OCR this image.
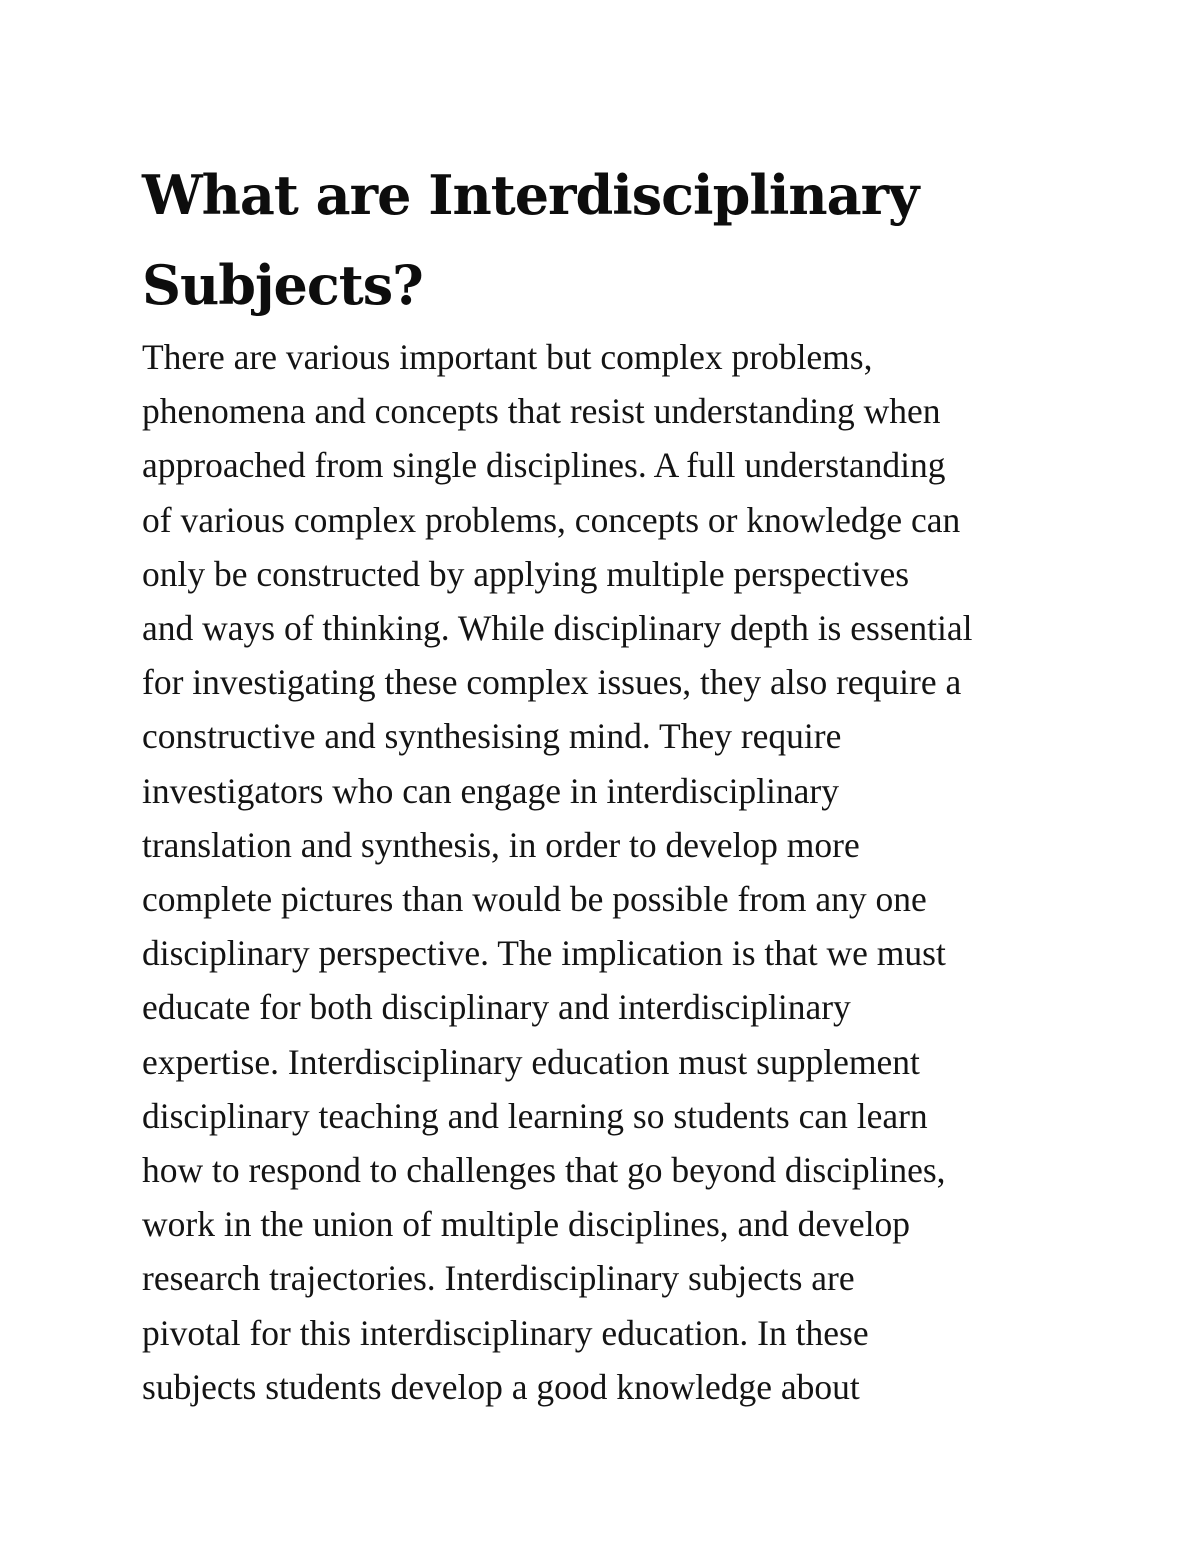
What are Interdisciplinary
Subjects?
There are various important but complex problems,
phenomena and concepts that resist understanding when
approached from single disciplines. A full understanding
of various complex problems, concepts or knowledge can
only be constructed by applying multiple perspectives
and ways of thinking. While disciplinary depth is essential
for investigating these complex issues, they also require a
constructive and synthesising mind. They require
investigators who can engage in interdisciplinary
translation and synthesis, in order to develop more
complete pictures than would be possible from any one
disciplinary perspective. The implication is that we must
educate for both disciplinary and interdisciplinary
expertise. Interdisciplinary education must supplement
disciplinary teaching and learning so students can learn
how to respond to challenges that go beyond disciplines,
work in the union of multiple disciplines, and develop
research trajectories. Interdisciplinary subjects are
pivotal for this interdisciplinary education. In these
subjects students develop a good knowledge about
